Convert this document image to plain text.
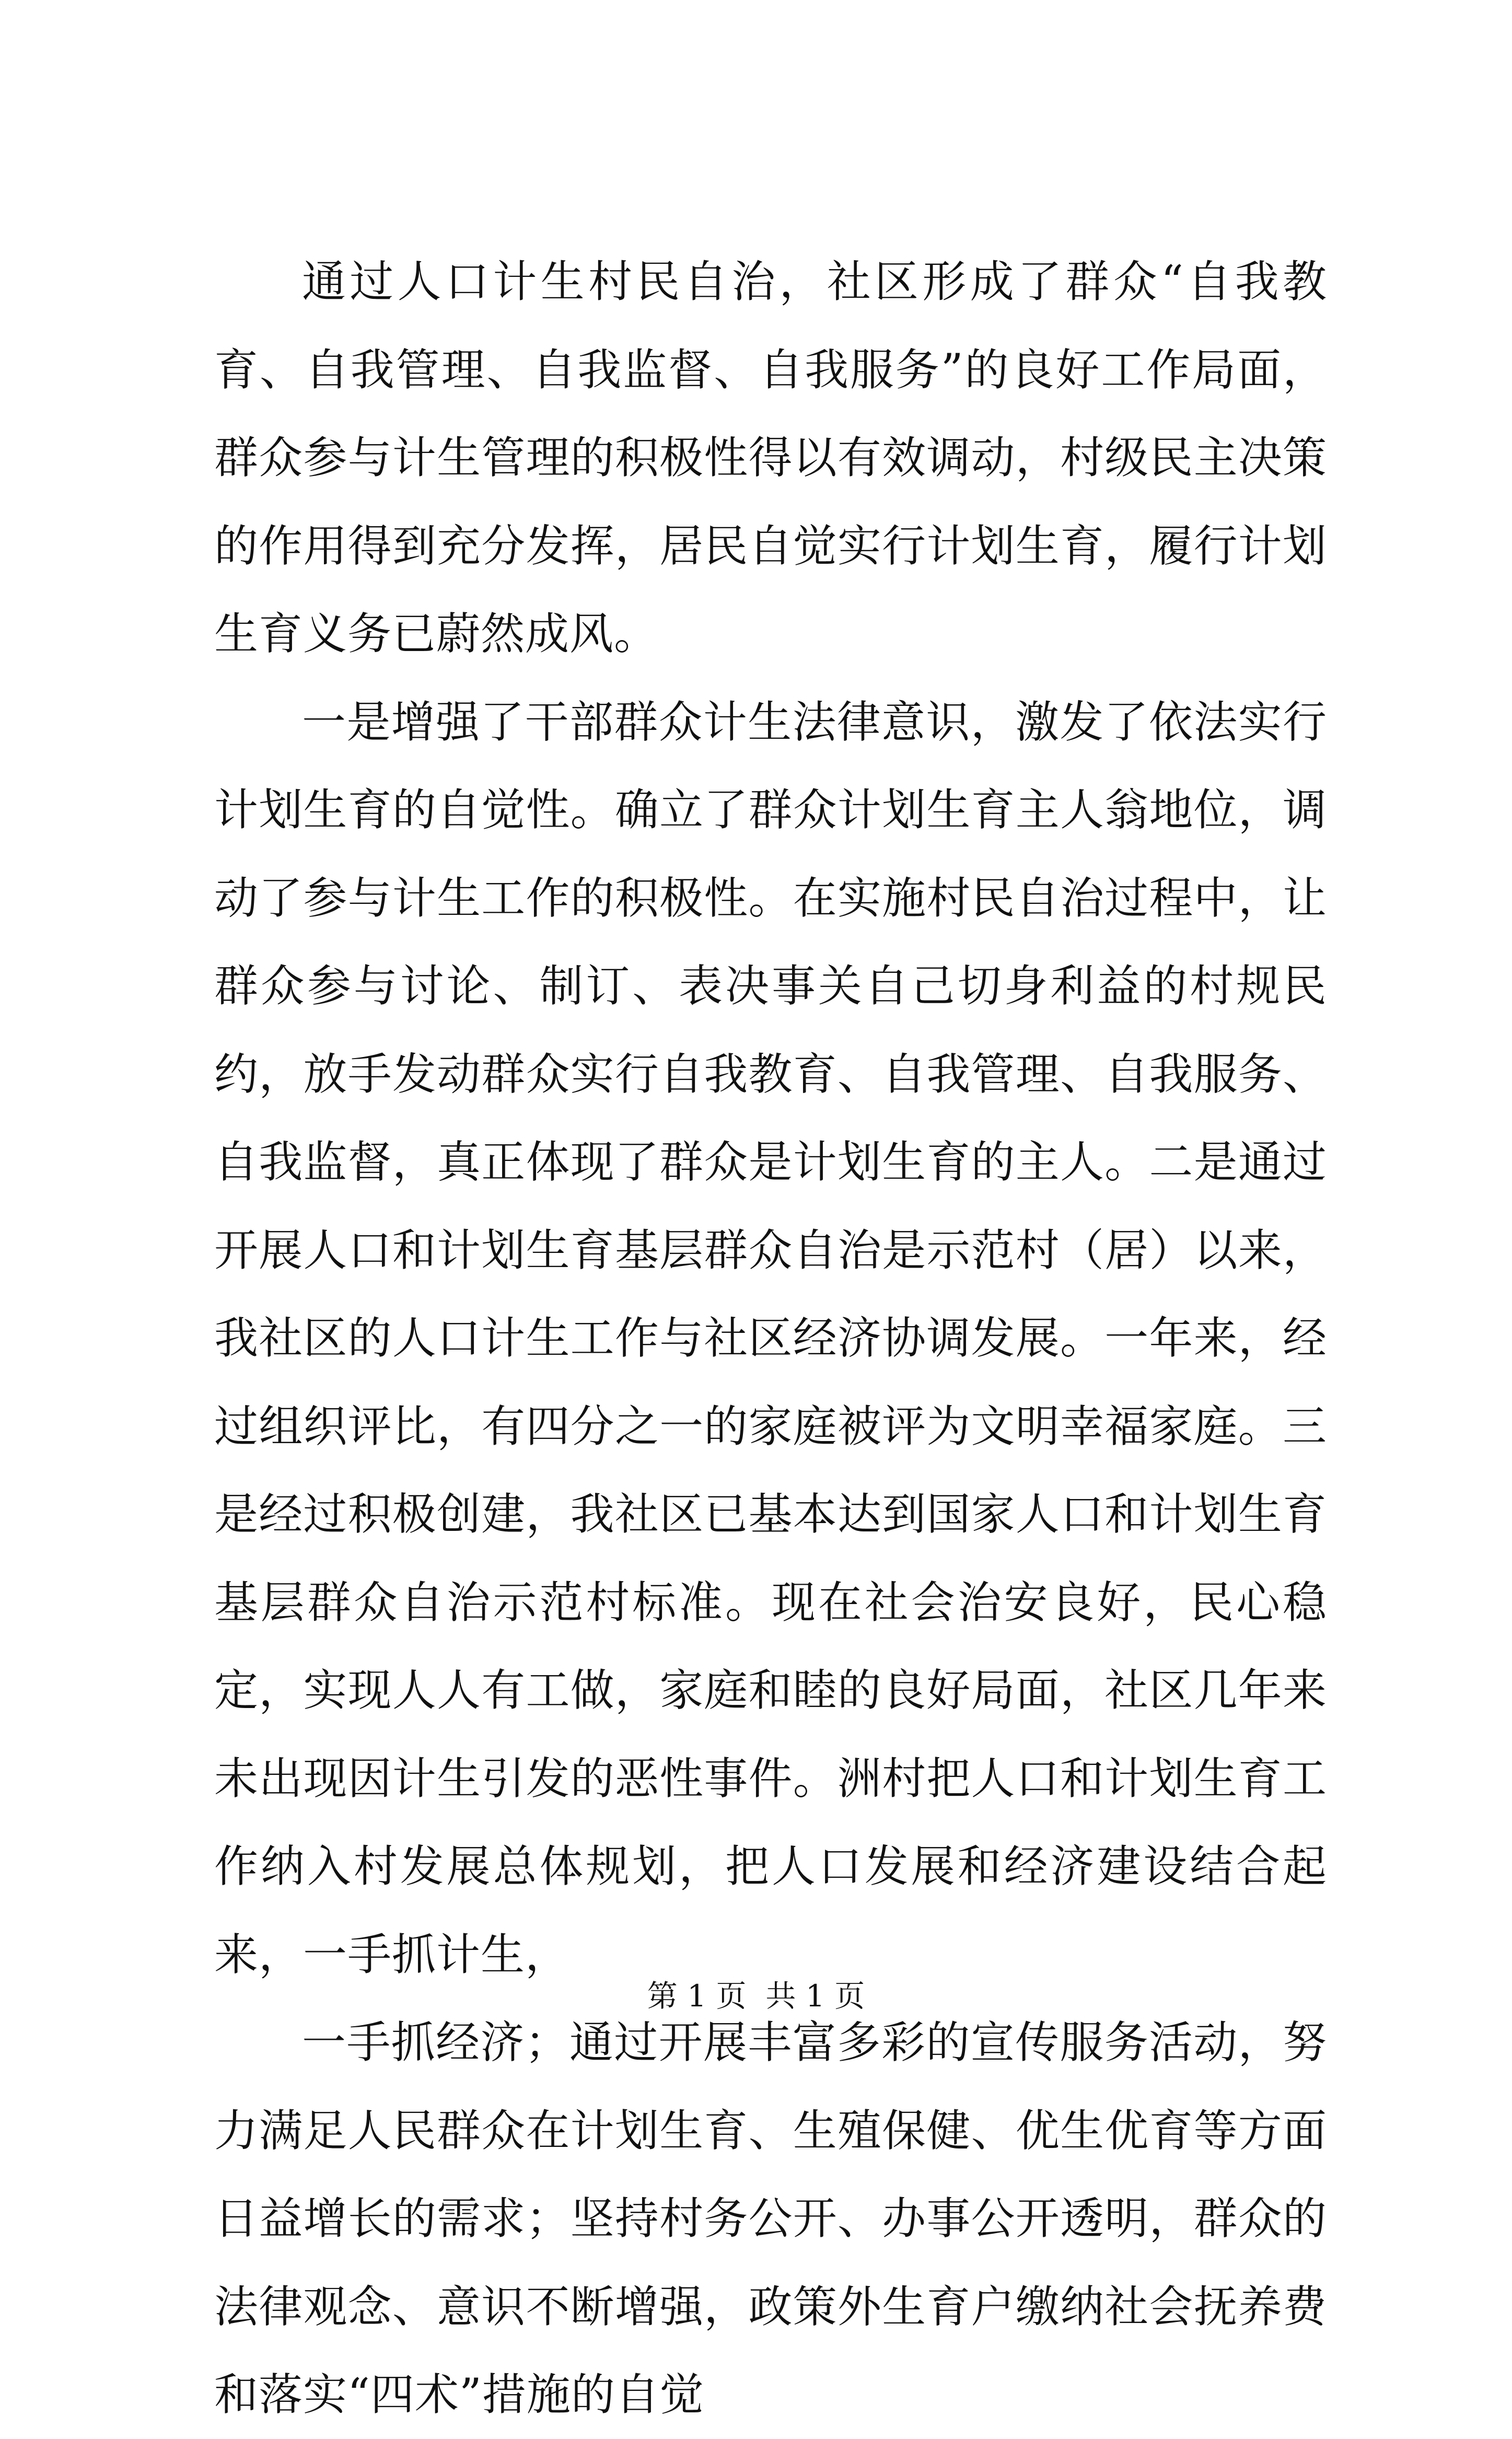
通过人口计生村民自治，社区形成了群众“自我教育、自我管理、自我监督、自我服务”的良好工作局面，群众参与计生管理的积极性得以有效调动，村级民主决策的作用得到充分发挥，居民自觉实行计划生育，履行计划生育义务已蔚然成风。

一是增强了干部群众计生法律意识，激发了依法实行计划生育的自觉性。确立了群众计划生育主人翁地位，调动了参与计生工作的积极性。在实施村民自治过程中，让群众参与讨论、制订、表决事关自己切身利益的村规民约，放手发动群众实行自我教育、自我管理、自我服务、自我监督，真正体现了群众是计划生育的主人。二是通过开展人口和计划生育基层群众自治是示范村（居）以来，我社区的人口计生工作与社区经济协调发展。一年来，经过组织评比，有四分之一的家庭被评为文明幸福家庭。三是经过积极创建，我社区已基本达到国家人口和计划生育基层群众自治示范村标准。现在社会治安良好，民心稳定，实现人人有工做，家庭和睦的良好局面，社区几年来未出现因计生引发的恶性事件。洲村把人口和计划生育工作纳入村发展总体规划，把人口发展和经济建设结合起来，一手抓计生，

一手抓经济；通过开展丰富多彩的宣传服务活动，努力满足人民群众在计划生育、生殖保健、优生优育等方面日益增长的需求；坚持村务公开、办事公开透明，群众的法律观念、意识不断增强，政策外生育户缴纳社会抚养费和落实“四术”措施的自觉

第 1 页  共 1 页
